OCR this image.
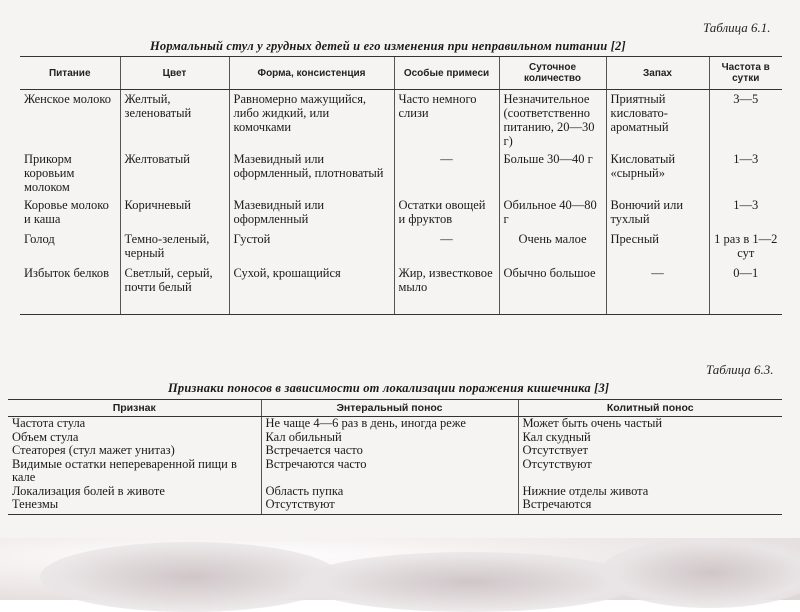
Таблица 6.1.
Нормальный стул у грудных детей и его изменения при неправильном питании [2]
Питание	Цвет	Форма, консистенция	Особые примеси	Суточное количество	Запах	Частота в сутки
Женское молоко	Желтый, зеленоватый	Равномерно мажущийся, либо жидкий, или комочками	Часто немного слизи	Незначительное (соответственно питанию, 20—30 г)	Приятный кисловато-ароматный	3—5
Прикорм коровьим молоком	Желтоватый	Мазевидный или оформленный, плотноватый	—	Больше 30—40 г	Кисловатый «сырный»	1—3
Коровье молоко и каша	Коричневый	Мазевидный или оформленный	Остатки овощей и фруктов	Обильное 40—80 г	Вонючий или тухлый	1—3
Голод	Темно-зеленый, черный	Густой	—	Очень малое	Пресный	1 раз в 1—2 сут
Избыток белков	Светлый, серый, почти белый	Сухой, крошащийся	Жир, известковое мыло	Обычно большое	—	0—1
Таблица 6.3.
Признаки поносов в зависимости от локализации поражения кишечника [3]
Признак	Энтеральный понос	Колитный понос
Частота стула	Не чаще 4—6 раз в день, иногда реже	Может быть очень частый
Объем стула	Кал обильный	Кал скудный
Стеаторея (стул мажет унитаз)	Встречается часто	Отсутствует
Видимые остатки непереваренной пищи в кале	Встречаются часто	Отсутствуют
Локализация болей в животе	Область пупка	Нижние отделы живота
Тенезмы	Отсутствуют	Встречаются
